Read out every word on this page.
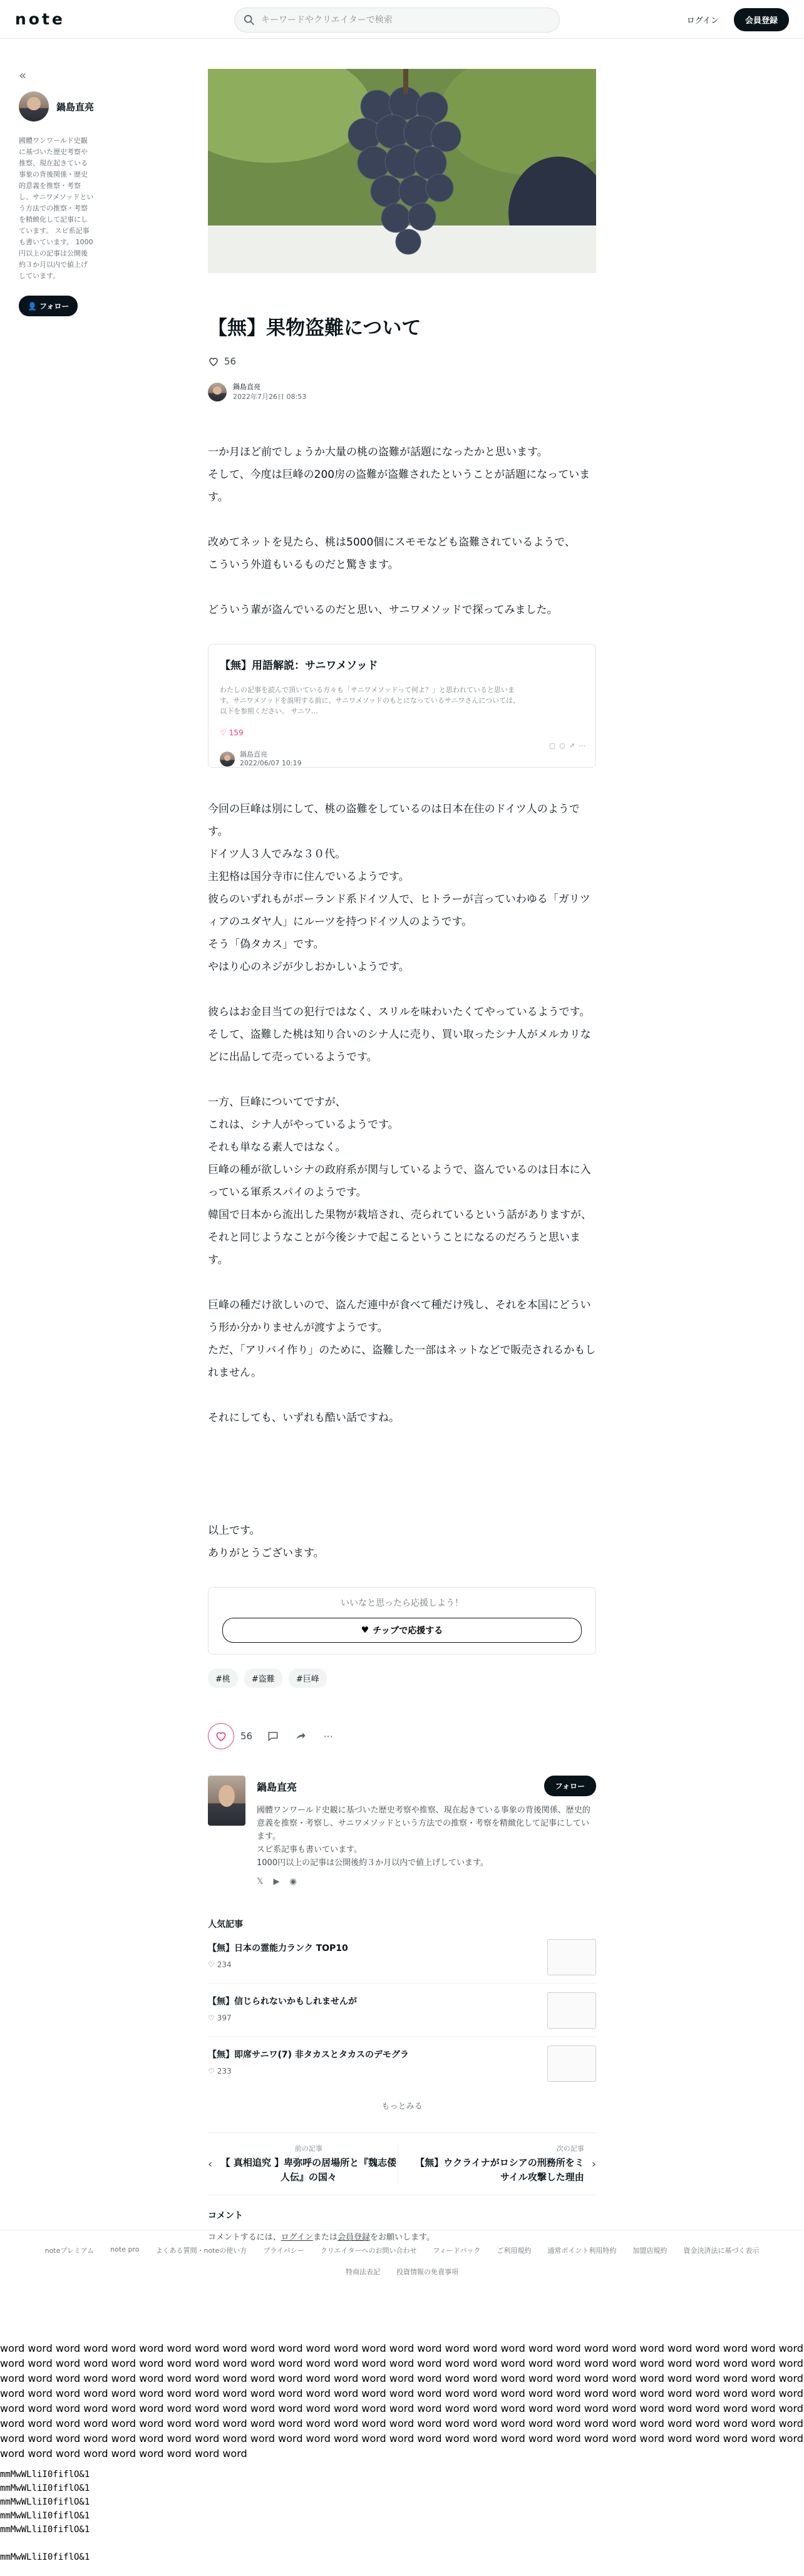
note
キーワードやクリエイターで検索	ログイン	会員登録
«
鍋島直亮

國體ワンワールド史観に基づいた歴史考察や推察、現在起きている事象の背後関係・歴史的意義を推察・考察し、サニワメソッドという方法での推察・考察を精緻化して記事にしています。 スピ系記事も書いています。 1000円以上の記事は公開後約３か月以内で値上げしています。

👤 フォロー
【無】果物盗難について
56
鍋島直亮
2022年7月26日 08:53

一か月ほど前でしょうか大量の桃の盗難が話題になったかと思います。

そして、今度は巨峰の200房の盗難が盗難されたということが話題になっています。

改めてネットを見たら、桃は5000個にスモモなども盗難されているようで、

こういう外道もいるものだと驚きます。

どういう輩が盗んでいるのだと思い、サニワメソッドで探ってみました。

【無】用語解説：サニワメソッド
わたしの記事を読んで頂いている方々も「サニワメソッドって何よ？」と思われていると思います。サニワメソッドを説明する前に、サニワメソッドのもとになっているサニワさんについては、以下を参照ください。 サニワ…
♡ 159
鍋島直亮
2022/06/07 10:19
▢ ○ ↗ ⋯

今回の巨峰は別にして、桃の盗難をしているのは日本在住のドイツ人のようです。

ドイツ人３人でみな３０代。

主犯格は国分寺市に住んでいるようです。

彼らのいずれもがポーランド系ドイツ人で、ヒトラーが言っていわゆる「ガリツィアのユダヤ人」にルーツを持つドイツ人のようです。

そう「偽タカス」です。

やはり心のネジが少しおかしいようです。

彼らはお金目当ての犯行ではなく、スリルを味わいたくてやっているようです。

そして、盗難した桃は知り合いのシナ人に売り、買い取ったシナ人がメルカリなどに出品して売っているようです。

一方、巨峰についてですが、

これは、シナ人がやっているようです。

それも単なる素人ではなく。

巨峰の種が欲しいシナの政府系が関与しているようで、盗んでいるのは日本に入っている軍系スパイのようです。

韓国で日本から流出した果物が栽培され、売られているという話がありますが、それと同じようなことが今後シナで起こるということになるのだろうと思います。

巨峰の種だけ欲しいので、盗んだ連中が食べて種だけ残し、それを本国にどういう形か分かりませんが渡すようです。

ただ、「アリバイ作り」のために、盗難した一部はネットなどで販売されるかもしれません。

それにしても、いずれも酷い話ですね。

以上です。

ありがとうございます。

いいなと思ったら応援しよう！
♥ チップで応援する
#桃	#盗難	#巨峰
56	···
鍋島直亮

國體ワンワールド史観に基づいた歴史考察や推察、現在起きている事象の背後関係、歴史的意義を推察・考察し、サニワメソッドという方法での推察・考察を精緻化して記事にしています。

スピ系記事も書いています。

1000円以上の記事は公開後約３か月以内で値上げしています。

𝕏 ▶ ◉
フォロー
人気記事
【無】日本の霊能力ランク TOP10
♡ 234
【無】信じられないかもしれませんが
♡ 397
【無】即席サニワ(7) 非タカスとタカスのデモグラ
♡ 233
もっとみる
‹
前の記事
【 真相追究 】卑弥呼の居場所と『魏志倭人伝』の国々
次の記事
【無】ウクライナがロシアの刑務所をミサイル攻撃した理由
›
コメント

コメントするには、ログインまたは会員登録をお願いします。

noteプレミアム note pro よくある質問・noteの使い方 プライバシー クリエイターへのお問い合わせ フィードバック ご利用規約 通常ポイント利用特約 加盟店規約 資金決済法に基づく表示
特商法表記 投資情報の免責事項

word word word word word word word word word word word word word word word word word word word word word word word word word word word word word word word word word word word word word word word word word word word word word word word word word word word word word word word word word word word word word word word word word word word word word word word word word word word word word word word word word word word word word word word word word word word word word word word word word word word word word word word word word word word word word word word word word word word word word word word word word word word word word word word word word word word word word word word word word word word word word word word word word word word word word word word word word word word word word word word word word word word word word word word word word word word word word word word word word word word word word word word word word word word word word word word word word word word word word word word word word word word word word word word word word word word word

mmMwWLliI0fiflO&1

mmMwWLliI0fiflO&1

mmMwWLliI0fiflO&1

mmMwWLliI0fiflO&1

mmMwWLliI0fiflO&1

mmMwWLliI0fiflO&1
